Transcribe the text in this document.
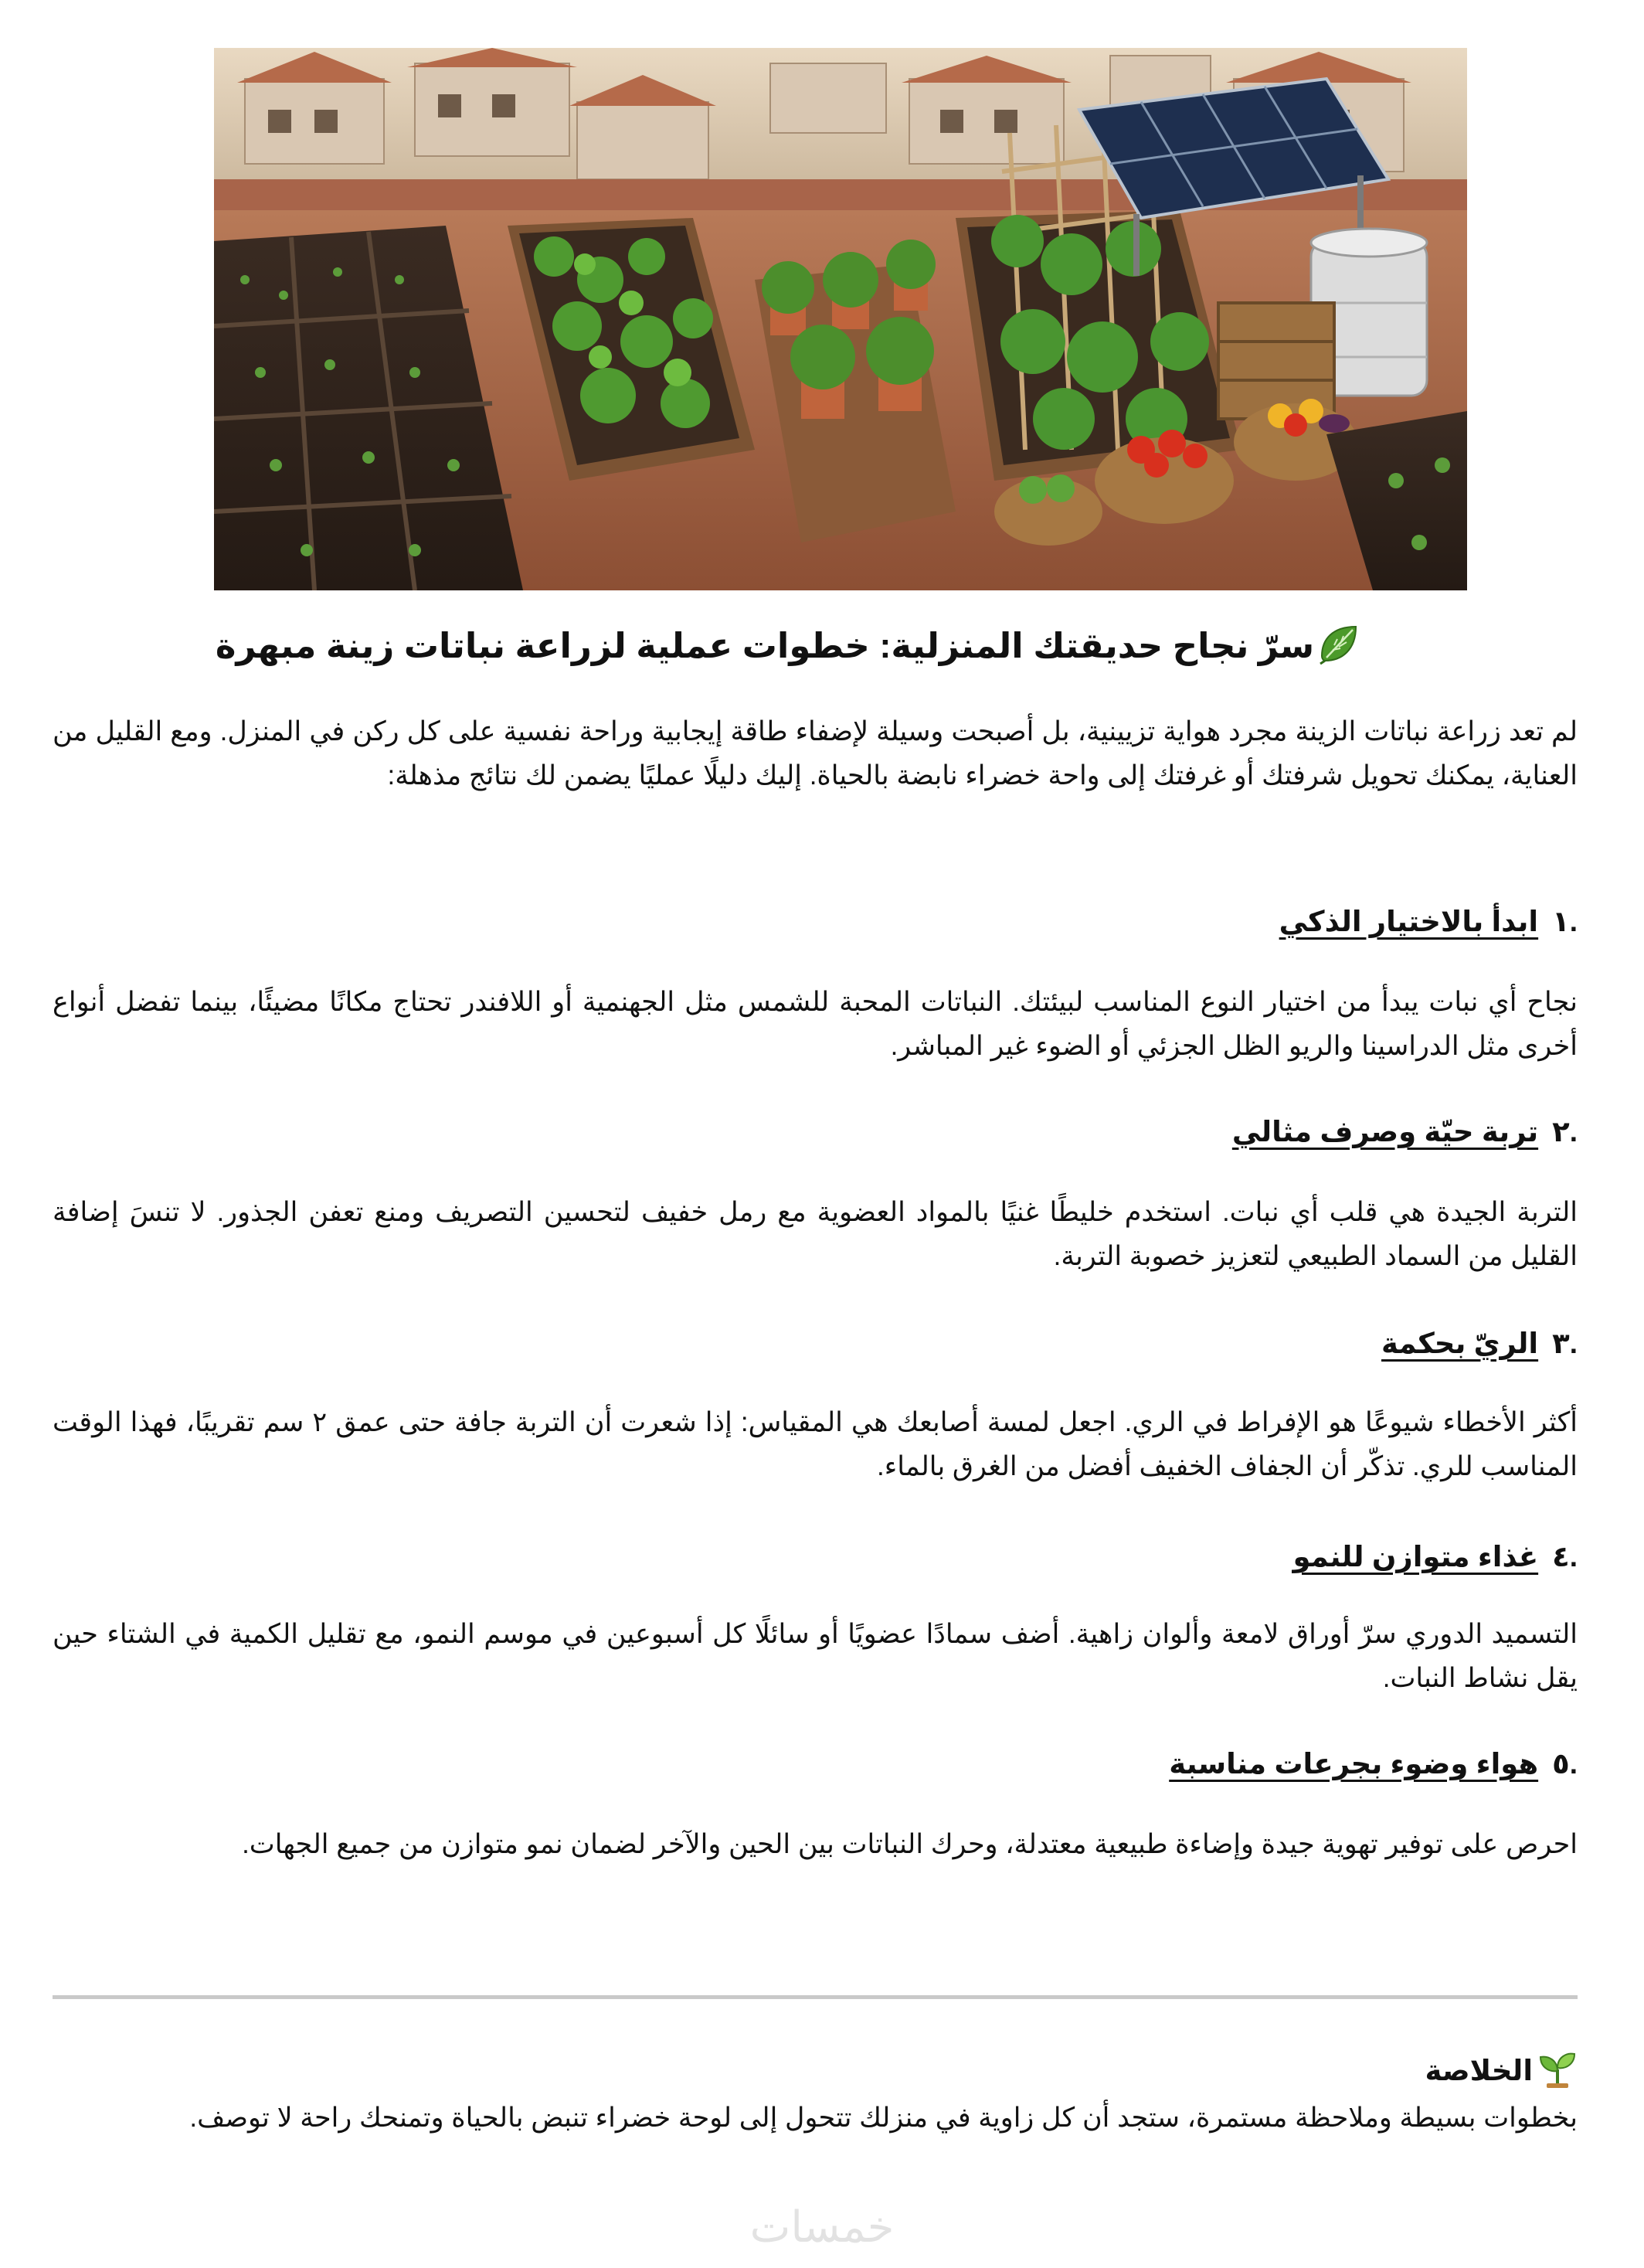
سرّ نجاح حديقتك المنزلية: خطوات عملية لزراعة نباتات زينة مبهرة

لم تعد زراعة نباتات الزينة مجرد هواية تزيينية، بل أصبحت وسيلة لإضفاء طاقة إيجابية وراحة نفسية على كل ركن في المنزل. ومع القليل من العناية، يمكنك تحويل شرفتك أو غرفتك إلى واحة خضراء نابضة بالحياة. إليك دليلًا عمليًا يضمن لك نتائج مذهلة:

.١ابدأ بالاختيار الذكي

نجاح أي نبات يبدأ من اختيار النوع المناسب لبيئتك. النباتات المحبة للشمس مثل الجهنمية أو اللافندر تحتاج مكانًا مضيئًا، بينما تفضل أنواع أخرى مثل الدراسينا والريو الظل الجزئي أو الضوء غير المباشر.

.٢تربة حيّة وصرف مثالي

التربة الجيدة هي قلب أي نبات. استخدم خليطًا غنيًا بالمواد العضوية مع رمل خفيف لتحسين التصريف ومنع تعفن الجذور. لا تنسَ إضافة القليل من السماد الطبيعي لتعزيز خصوبة التربة.

.٣الريّ بحكمة

أكثر الأخطاء شيوعًا هو الإفراط في الري. اجعل لمسة أصابعك هي المقياس: إذا شعرت أن التربة جافة حتى عمق ٢ سم تقريبًا، فهذا الوقت المناسب للري. تذكّر أن الجفاف الخفيف أفضل من الغرق بالماء.

.٤غذاء متوازن للنمو

التسميد الدوري سرّ أوراق لامعة وألوان زاهية. أضف سمادًا عضويًا أو سائلًا كل أسبوعين في موسم النمو، مع تقليل الكمية في الشتاء حين يقل نشاط النبات.

.٥هواء وضوء بجرعات مناسبة

احرص على توفير تهوية جيدة وإضاءة طبيعية معتدلة، وحرك النباتات بين الحين والآخر لضمان نمو متوازن من جميع الجهات.

الخلاصة

بخطوات بسيطة وملاحظة مستمرة، ستجد أن كل زاوية في منزلك تتحول إلى لوحة خضراء تنبض بالحياة وتمنحك راحة لا توصف.

خمسات
